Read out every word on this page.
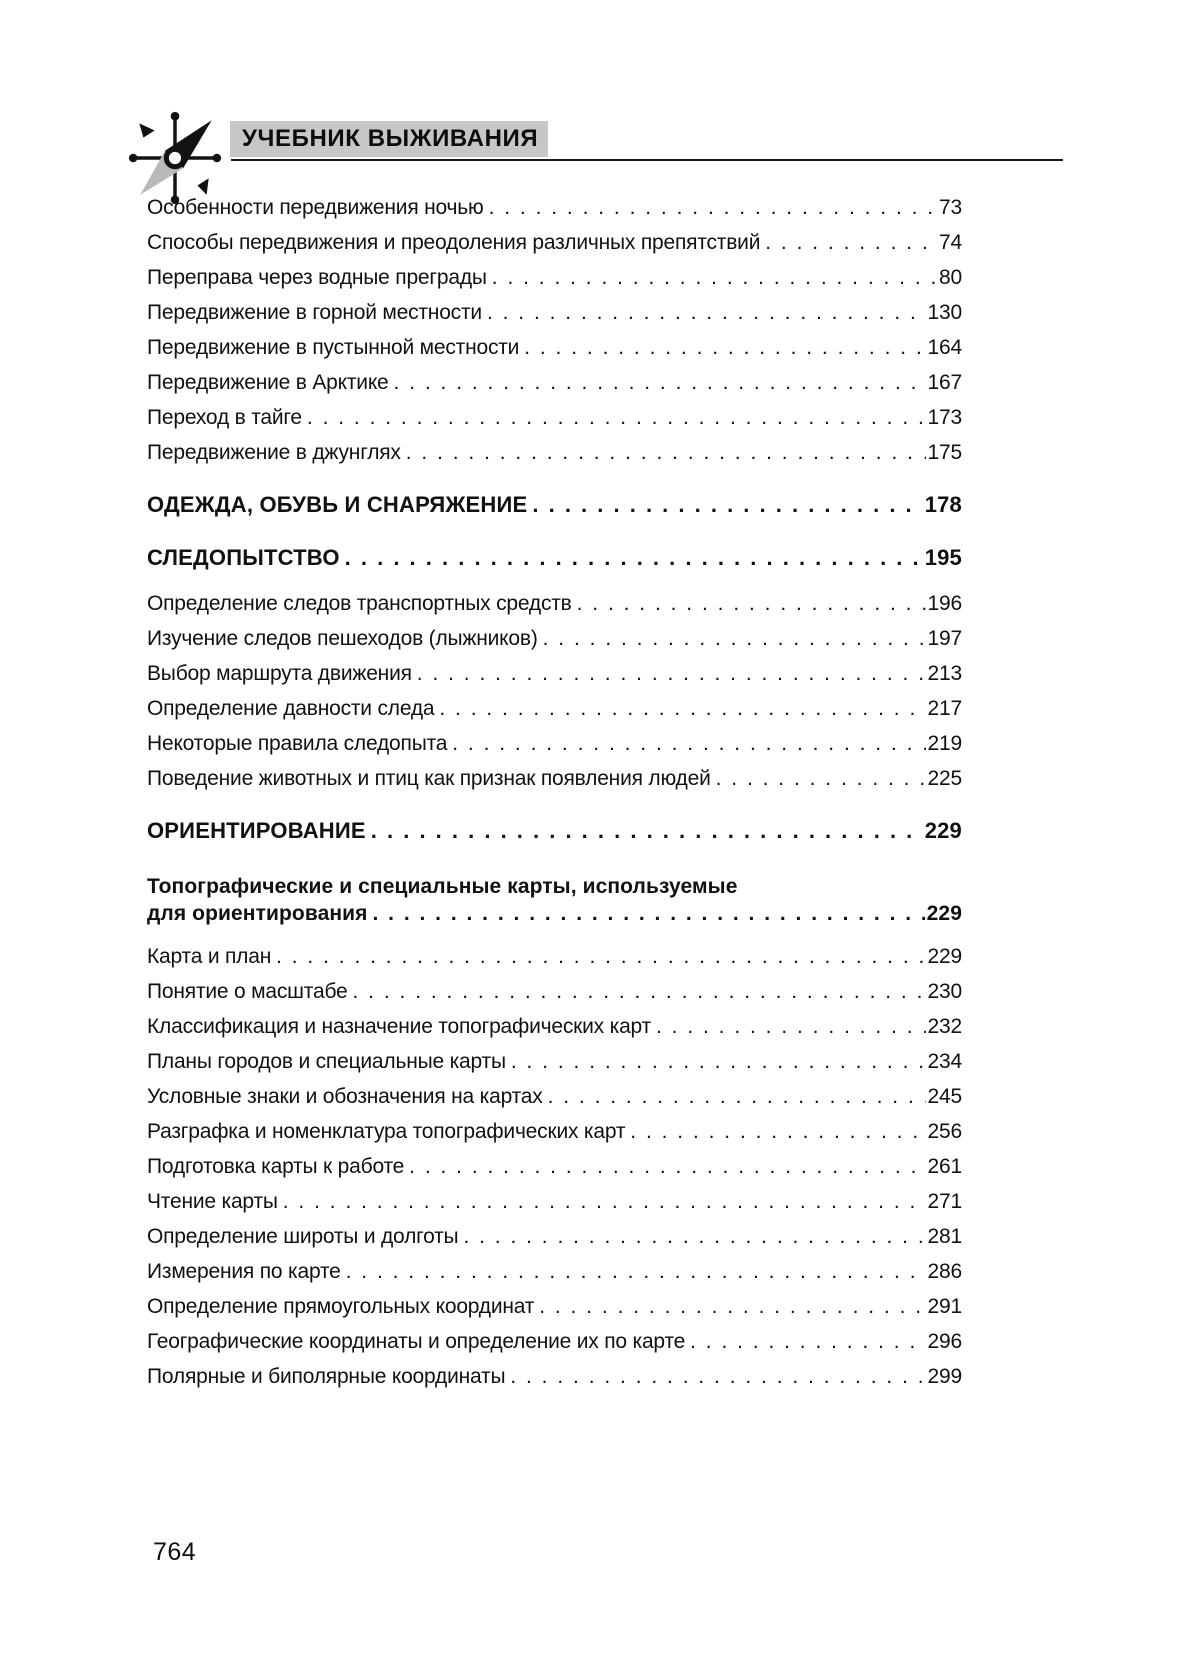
УЧЕБНИК ВЫЖИВАНИЯ
Особенности передвижения ночью . . .	73
Способы передвижения и преодоления различных препятствий . . .	74
Переправа через водные преграды . . .	80
Передвижение в горной местности . . .	130
Передвижение в пустынной местности . . .	164
Передвижение в Арктике . . .	167
Переход в тайге . . .	173
Передвижение в джунглях . . .	175
ОДЕЖДА, ОБУВЬ И СНАРЯЖЕНИЕ . . .	178
СЛЕДОПЫТСТВО . . .	195
Определение следов транспортных средств . . .	196
Изучение следов пешеходов (лыжников) . . .	197
Выбор маршрута движения . . .	213
Определение давности следа . . .	217
Некоторые правила следопыта . . .	219
Поведение животных и птиц как признак появления людей . . .	225
ОРИЕНТИРОВАНИЕ . . .	229
Топографические и специальные карты, используемые
для ориентирования . . .	229
Карта и план . . .	229
Понятие о масштабе . . .	230
Классификация и назначение топографических карт . . .	232
Планы городов и специальные карты . . .	234
Условные знаки и обозначения на картах . . .	245
Разграфка и номенклатура топографических карт . . .	256
Подготовка карты к работе . . .	261
Чтение карты . . .	271
Определение широты и долготы . . .	281
Измерения по карте . . .	286
Определение прямоугольных координат . . .	291
Географические координаты и определение их по карте . . .	296
Полярные и биполярные координаты . . .	299
764
